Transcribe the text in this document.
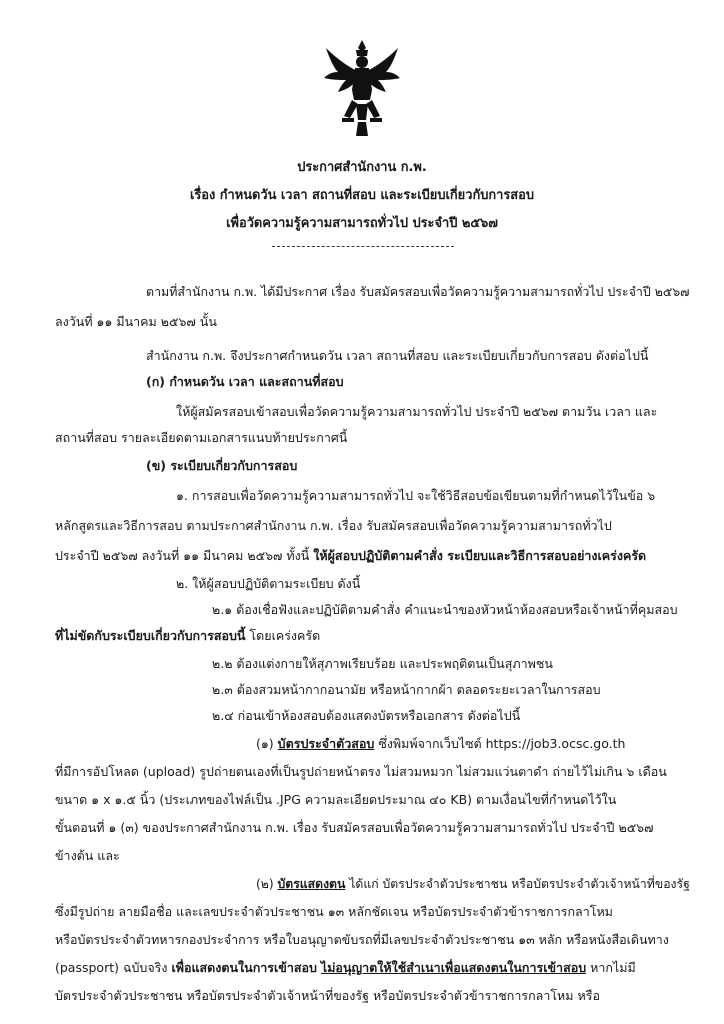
ประกาศสำนักงาน ก.พ.
เรื่อง กำหนดวัน เวลา สถานที่สอบ และระเบียบเกี่ยวกับการสอบ
เพื่อวัดความรู้ความสามารถทั่วไป ประจำปี ๒๕๖๗
ตามที่สำนักงาน ก.พ. ได้มีประกาศ เรื่อง รับสมัครสอบเพื่อวัดความรู้ความสามารถทั่วไป ประจำปี ๒๕๖๗
ลงวันที่ ๑๑ มีนาคม ๒๕๖๗ นั้น
สำนักงาน ก.พ. จึงประกาศกำหนดวัน เวลา สถานที่สอบ และระเบียบเกี่ยวกับการสอบ ดังต่อไปนี้
(ก) กำหนดวัน เวลา และสถานที่สอบ
ให้ผู้สมัครสอบเข้าสอบเพื่อวัดความรู้ความสามารถทั่วไป ประจำปี ๒๕๖๗ ตามวัน เวลา และ
สถานที่สอบ รายละเอียดตามเอกสารแนบท้ายประกาศนี้
(ข) ระเบียบเกี่ยวกับการสอบ
๑. การสอบเพื่อวัดความรู้ความสามารถทั่วไป จะใช้วิธีสอบข้อเขียนตามที่กำหนดไว้ในข้อ ๖
หลักสูตรและวิธีการสอบ ตามประกาศสำนักงาน ก.พ. เรื่อง รับสมัครสอบเพื่อวัดความรู้ความสามารถทั่วไป
ประจำปี ๒๕๖๗ ลงวันที่ ๑๑ มีนาคม ๒๕๖๗ ทั้งนี้ ให้ผู้สอบปฏิบัติตามคำสั่ง ระเบียบและวิธีการสอบอย่างเคร่งครัด
๒. ให้ผู้สอบปฏิบัติตามระเบียบ ดังนี้
๒.๑ ต้องเชื่อฟังและปฏิบัติตามคำสั่ง คำแนะนำของหัวหน้าห้องสอบหรือเจ้าหน้าที่คุมสอบ
ที่ไม่ขัดกับระเบียบเกี่ยวกับการสอบนี้ โดยเคร่งครัด
๒.๒ ต้องแต่งกายให้สุภาพเรียบร้อย และประพฤติตนเป็นสุภาพชน
๒.๓ ต้องสวมหน้ากากอนามัย หรือหน้ากากผ้า ตลอดระยะเวลาในการสอบ
๒.๔ ก่อนเข้าห้องสอบต้องแสดงบัตรหรือเอกสาร ดังต่อไปนี้
(๑) บัตรประจำตัวสอบ ซึ่งพิมพ์จากเว็บไซต์ https://job3.ocsc.go.th
ที่มีการอัปโหลด (upload) รูปถ่ายตนเองที่เป็นรูปถ่ายหน้าตรง ไม่สวมหมวก ไม่สวมแว่นตาดำ ถ่ายไว้ไม่เกิน ๖ เดือน
ขนาด ๑ x ๑.๕ นิ้ว (ประเภทของไฟล์เป็น .JPG ความละเอียดประมาณ ๔๐ KB) ตามเงื่อนไขที่กำหนดไว้ใน
ขั้นตอนที่ ๑ (๓) ของประกาศสำนักงาน ก.พ. เรื่อง รับสมัครสอบเพื่อวัดความรู้ความสามารถทั่วไป ประจำปี ๒๕๖๗
ข้างต้น และ
(๒) บัตรแสดงตน ได้แก่ บัตรประจำตัวประชาชน หรือบัตรประจำตัวเจ้าหน้าที่ของรัฐ
ซึ่งมีรูปถ่าย ลายมือชื่อ และเลขประจำตัวประชาชน ๑๓ หลักชัดเจน หรือบัตรประจำตัวข้าราชการกลาโหม
หรือบัตรประจำตัวทหารกองประจำการ หรือใบอนุญาตขับรถที่มีเลขประจำตัวประชาชน ๑๓ หลัก หรือหนังสือเดินทาง
(passport) ฉบับจริง เพื่อแสดงตนในการเข้าสอบ ไม่อนุญาตให้ใช้สำเนาเพื่อแสดงตนในการเข้าสอบ หากไม่มี
บัตรประจำตัวประชาชน หรือบัตรประจำตัวเจ้าหน้าที่ของรัฐ หรือบัตรประจำตัวข้าราชการกลาโหม หรือ
